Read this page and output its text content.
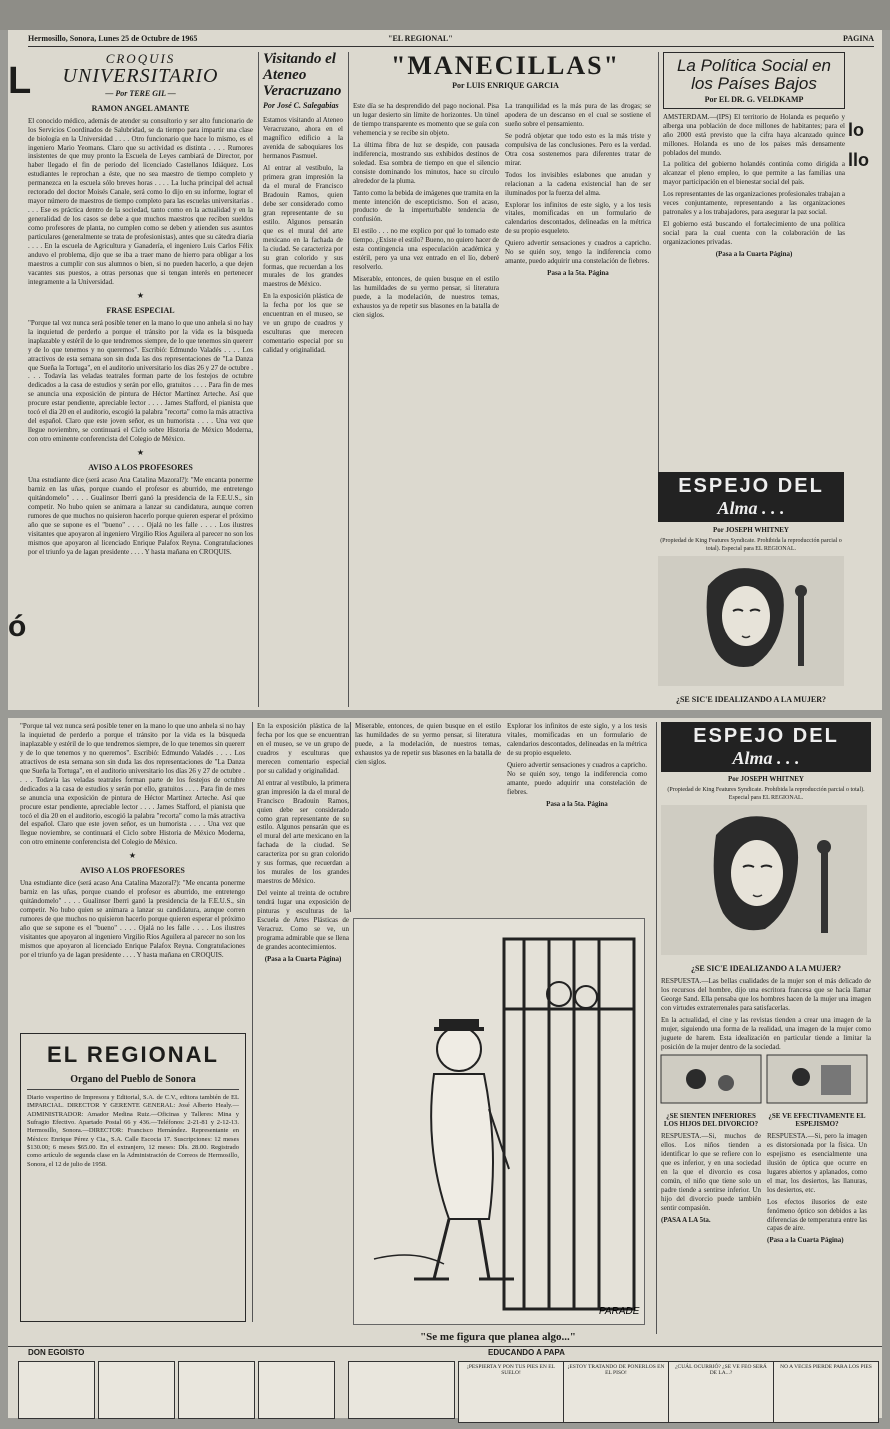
Hermosillo, Sonora, Lunes 25 de Octubre de 1965	"EL REGIONAL"	PAGINA
L
ó

CROQUIS

UNIVERSITARIO

— Por TERE GIL —

RAMON ANGEL AMANTE

El conocido médico, además de atender su consultorio y ser alto funcionario de los Servicios Coordinados de Salubridad, se da tiempo para impartir una clase de biología en la Universidad . . . . Otro funcionario que hace lo mismo, es el ingeniero Mario Yeomans. Claro que su actividad es distinta . . . . Rumores insistentes de que muy pronto la Escuela de Leyes cambiará de Director, por haber llegado el fin de periodo del licenciado Castellanos Idiáquez. Los estudiantes le reprochan a éste, que no sea maestro de tiempo completo y permanezca en la escuela sólo breves horas . . . . La lucha principal del actual rectorado del doctor Moisés Canale, será como lo dijo en su informe, lograr el mayor número de maestros de tiempo completo para las escuelas universitarias . . . . Ese es práctica dentro de la sociedad, tanto como en la actualidad y en la generalidad de los casos se debe a que muchos maestros que reciben sueldos como profesores de planta, no cumplen como se deben y atienden sus asuntos particulares (generalmente se trata de profesionistas), antes que su cátedra diaria . . . . En la escuela de Agricultura y Ganadería, el ingeniero Luis Carlos Félix anduvo el problema, dijo que se iba a traer mano de hierro para obligar a los maestros a cumplir con sus alumnos o bien, si no pueden hacerlo, a que dejen vacantes sus puestos, a otras personas que si tengan interés en pertenecer integramente a la Universidad.

★

FRASE ESPECIAL

"Porque tal vez nunca será posible tener en la mano lo que uno anhela si no hay la inquietud de perderlo a porque el tránsito por la vida es la búsqueda inaplazable y estéril de lo que tendremos siempre, de lo que tenemos sin quererr y de lo que tenemos y no queremos". Escribió: Edmundo Valadés . . . . Los atractivos de esta semana son sin duda las dos representaciones de "La Danza que Sueña la Tortuga", en el auditorio universitario los días 26 y 27 de octubre . . . . Todavía las veladas teatrales forman parte de los festejos de octubre dedicados a la casa de estudios y serán por ello, gratuitos . . . . Para fin de mes se anuncia una exposición de pintura de Héctor Martínez Arteche. Así que procure estar pendiente, apreciable lector . . . . James Stafford, el pianista que tocó el día 20 en el auditorio, escogió la palabra "recorta" como la más atractiva del español. Claro que este joven señor, es un humorista . . . . Una vez que llegue noviembre, se continuará el Ciclo sobre Historia de México Moderna, con otro eminente conferencista del Colegio de México.

★

AVISO A LOS PROFESORES

Una estudiante dice (será acaso Ana Catalina Mazoral?): "Me encanta ponerme barniz en las uñas, porque cuando el profesor es aburrido, me entretengo quitándomelo" . . . . Gualinsor Iberri ganó la presidencia de la F.E.U.S., sin competir. No hubo quien se animara a lanzar su candidatura, aunque corren rumores de que muchos no quisieron hacerlo porque quieren esperar el próximo año que se supone es el "bueno" . . . . Ojalá no les falle . . . . Los ilustres visitantes que apoyaron al ingeniero Virgilio Ríos Aguilera al parecer no son los mismos que apoyaron al licenciado Enrique Palafox Reyna. Congratulaciones por el triunfo ya de lagan presidente . . . . Y hasta mañana en CROQUIS.

Visitando el Ateneo Veracruzano

Por José C. Salegabias

Estamos visitando al Ateneo Veracruzano, ahora en el magnífico edificio a la avenida de saboquiares los hermanos Pasmuel.

Al entrar al vestíbulo, la primera gran impresión la da el mural de Francisco Bradouin Ramos, quien debe ser considerado como gran representante de su estilo. Algunos pensarán que es el mural del arte mexicano en la fachada de la ciudad. Se caracteriza por su gran colorido y sus formas, que recuerdan a los murales de los grandes maestros de México.

En la exposición plástica de la fecha por los que se encuentran en el museo, se ve un grupo de cuadros y esculturas que merecen comentario especial por su calidad y originalidad.

"MANECILLAS"

Por LUIS ENRIQUE GARCIA

Este día se ha desprendido del pago nocional. Pisa un lugar desierto sin límite de horizontes. Un túnel de tiempo transparente es momento que se guía con vehemencia y se recibe sin objeto.

La última fibra de luz se despide, con pausada indiferencia, mostrando sus exhibidos destinos de soledad. Esa sombra de tiempo en que el silencio consiste dominando los minutos, hace su círculo alrededor de la pluma.

Tanto como la bebida de imágenes que tramita en la mente intención de escepticismo. Son el acaso, producto de la imperturbable tendencia de confusión.

El estilo . . . no me explico por qué lo tomado este tiempo. ¿Existe el estilo? Bueno, no quiero hacer de esta contingencia una especulación académica y estéril, pero ya una vez entrado en el lío, deberé resolverlo.

Miserable, entonces, de quien busque en el estilo las humildades de su yermo pensar, si literatura puede, a la modelación, de nuestros temas, exhaustos ya de repetir sus blasones en la batalla de cien siglos.

La tranquilidad es la más pura de las drogas; se apodera de un descanso en el cual se sostiene el sueño sobre el pensamiento.

Se podrá objetar que todo esto es la más triste y compulsiva de las conclusiones. Pero es la verdad. Otra cosa sostenemos para diferentes tratar de mirar.

Todos los invisibles eslabones que anudan y relacionan a la cadena existencial han de ser iluminados por la fuerza del alma.

Explorar los infinitos de este siglo, y a los tesis vitales, momificadas en un formulario de calendarios descontados, delineadas en la métrica de su propio esqueleto.

Quiero advertir sensaciones y cuadros a capricho. No se quién soy, tengo la indiferencia como amante, puedo adquirir una constelación de fiebres.

Pasa a la 5ta. Página

La Política Social en los Países Bajos

Por EL DR. G. VELDKAMP

AMSTERDAM.—(IPS) El territorio de Holanda es pequeño y alberga una población de doce millones de habitantes; para el año 2000 está previsto que la cifra haya alcanzado quince millones. Holanda es uno de los países más densamente poblados del mundo.

La política del gobierno holandés continúa como dirigida a alcanzar el pleno empleo, lo que permite a las familias una mayor participación en el bienestar social del país.

Los representantes de las organizaciones profesionales trabajan a veces conjuntamente, representando a las organizaciones patronales y a los trabajadores, para asegurar la paz social.

El gobierno está buscando el fortalecimiento de una política social para la cual cuenta con la colaboración de las organizaciones privadas.

(Pasa a la Cuarta Página)

ESPEJO DEL
Alma . . .

Por JOSEPH WHITNEY

(Propiedad de King Features Syndicate. Prohibida la reproducción parcial o total). Especial para EL REGIONAL.

¿SE SIC'E IDEALIZANDO A LA MUJER?

lo
llo

"Porque tal vez nunca será posible tener en la mano lo que uno anhela si no hay la inquietud de perderlo a porque el tránsito por la vida es la búsqueda inaplazable y estéril de lo que tendremos siempre, de lo que tenemos sin quererr y de lo que tenemos y no queremos". Escribió: Edmundo Valadés . . . . Los atractivos de esta semana son sin duda las dos representaciones de "La Danza que Sueña la Tortuga", en el auditorio universitario los días 26 y 27 de octubre . . . . Todavía las veladas teatrales forman parte de los festejos de octubre dedicados a la casa de estudios y serán por ello, gratuitos . . . . Para fin de mes se anuncia una exposición de pintura de Héctor Martínez Arteche. Así que procure estar pendiente, apreciable lector . . . . James Stafford, el pianista que tocó el día 20 en el auditorio, escogió la palabra "recorta" como la más atractiva del español. Claro que este joven señor, es un humorista . . . . Una vez que llegue noviembre, se continuará el Ciclo sobre Historia de México Moderna, con otro eminente conferencista del Colegio de México.

★

AVISO A LOS PROFESORES

Una estudiante dice (será acaso Ana Catalina Mazoral?): "Me encanta ponerme barniz en las uñas, porque cuando el profesor es aburrido, me entretengo quitándomelo" . . . . Gualinsor Iberri ganó la presidencia de la F.E.U.S., sin competir. No hubo quien se animara a lanzar su candidatura, aunque corren rumores de que muchos no quisieron hacerlo porque quieren esperar el próximo año que se supone es el "bueno" . . . . Ojalá no les falle . . . . Los ilustres visitantes que apoyaron al ingeniero Virgilio Ríos Aguilera al parecer no son los mismos que apoyaron al licenciado Enrique Palafox Reyna. Congratulaciones por el triunfo ya de lagan presidente . . . . Y hasta mañana en CROQUIS.

EL REGIONAL

Organo del Pueblo de Sonora

Diario vespertino de Impresora y Editorial, S.A. de C.V., editora también de EL IMPARCIAL. DIRECTOR Y GERENTE GENERAL: José Alberto Healy.—ADMINISTRADOR: Amador Medina Ruiz.—Oficinas y Talleres: Mina y Sufragio Efectivo. Apartado Postal 66 y 436.—Teléfonos: 2-21-81 y 2-12-13. Hermosillo, Sonora.—DIRECTOR: Francisco Hernández. Representante en México: Enrique Pérez y Cia., S.A. Calle Escocia 17. Suscripciones: 12 meses $130.00; 6 meses $65.00. En el extranjero, 12 meses: Dls. 28.00. Registrado como artículo de segunda clase en la Administración de Correos de Hermosillo, Sonora, el 12 de julio de 1958.

En la exposición plástica de la fecha por los que se encuentran en el museo, se ve un grupo de cuadros y esculturas que merecen comentario especial por su calidad y originalidad.

Al entrar al vestíbulo, la primera gran impresión la da el mural de Francisco Bradouin Ramos, quien debe ser considerado como gran representante de su estilo. Algunos pensarán que es el mural del arte mexicano en la fachada de la ciudad. Se caracteriza por su gran colorido y sus formas, que recuerdan a los murales de los grandes maestros de México.

Del veinte al treinta de octubre tendrá lugar una exposición de pinturas y esculturas de la Escuela de Artes Plásticas de Veracruz. Como se ve, un programa admirable que se llena de grandes acontecimientos.

(Pasa a la Cuarta Página)

Miserable, entonces, de quien busque en el estilo las humildades de su yermo pensar, si literatura puede, a la modelación, de nuestros temas, exhaustos ya de repetir sus blasones en la batalla de cien siglos.

Explorar los infinitos de este siglo, y a los tesis vitales, momificadas en un formulario de calendarios descontados, delineadas en la métrica de su propio esqueleto.

Quiero advertir sensaciones y cuadros a capricho. No se quién soy, tengo la indiferencia como amante, puedo adquirir una constelación de fiebres.

Pasa a la 5ta. Página

PARADE
"Se me figura que planea algo..."
ESPEJO DEL
Alma . . .

Por JOSEPH WHITNEY

(Propiedad de King Features Syndicate. Prohibida la reproducción parcial o total). Especial para EL REGIONAL.

¿SE SIC'E IDEALIZANDO A LA MUJER?

RESPUESTA.—Las bellas cualidades de la mujer son el más delicado de los recursos del hombre, dijo una escritora francesa que se hacía llamar George Sand. Ella pensaba que los hombres hacen de la mujer una imagen con virtudes extraterrenales para satisfacerlas.

En la actualidad, el cine y las revistas tienden a crear una imagen de la mujer, siguiendo una forma de la realidad, una imagen de la mujer como juguete de harem. Esta idealización en particular tiende a limitar la posición de la mujer dentro de la sociedad.

¿SE SIENTEN INFERIORES LOS HIJOS DEL DIVORCIO?

RESPUESTA.—Si, muchos de ellos. Los niños tienden a identificar lo que se refiere con lo que es inferior, y en una sociedad en la que el divorcio es cosa común, el niño que tiene solo un padre tiende a sentirse inferior. Un hijo del divorcio puede también sentir compasión.

(PASA A LA 5ta.

¿SE VE EFECTIVAMENTE EL ESPEJISMO?

RESPUESTA.—Si, pero la imagen es distorsionada por la física. Un espejismo es esencialmente una ilusión de óptica que ocurre en lugares abiertos y aplanados, como el mar, los desiertos, las llanuras, los desiertos, etc.

Los efectos ilusorios de este fenómeno óptico son debidos a las diferencias de temperatura entre las capas de aire.

(Pasa a la Cuarta Página)

DON EGOISTO	EDUCANDO A PAPA
¡PESPIERTA Y PON TUS PIES EN EL SUELO!
¡ESTOY TRATANDO DE PONERLOS EN EL PISO!
¿CUÁL OCURRIÓ? ¿SE VE FEO SERÁ DE LA...?
NO A VECES PIERDE PARA LOS PIES
